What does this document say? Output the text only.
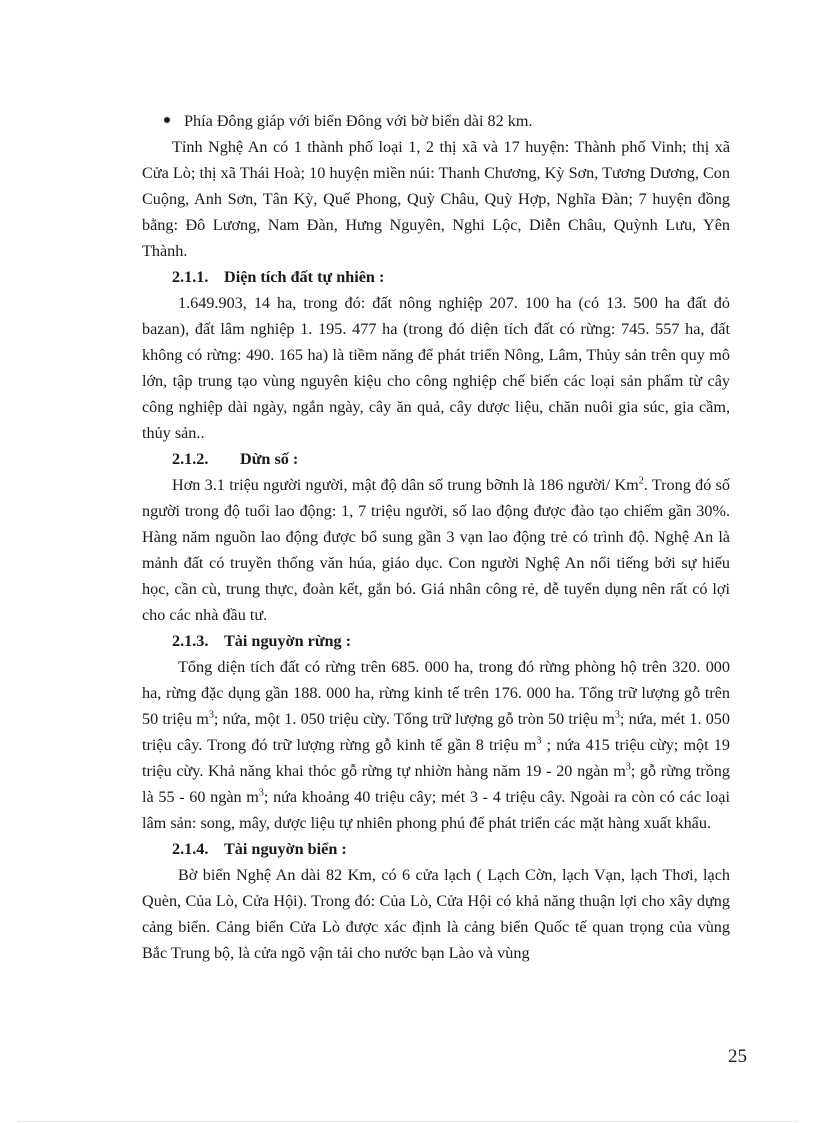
Phía Đông giáp với biển Đông với bờ biển dài 82 km.

Tỉnh Nghệ An có 1 thành phố loại 1, 2 thị xã và 17 huyện: Thành phố Vinh; thị xã Cửa Lò; thị xã Thái Hoà; 10 huyện miền núi: Thanh Chương, Kỳ Sơn, Tương Dương, Con Cuộng, Anh Sơn, Tân Kỳ, Quế Phong, Quỳ Châu, Quỳ Hợp, Nghĩa Đàn; 7 huyện đồng bằng: Đô Lương, Nam Đàn, Hưng Nguyên, Nghi Lộc, Diễn Châu, Quỳnh Lưu, Yên Thành.

2.1.1. Diện tích đất tự nhiên :

1.649.903, 14 ha, trong đó: đất nông nghiệp 207. 100 ha (có 13. 500 ha đất đỏ bazan), đất lâm nghiệp 1. 195. 477 ha (trong đó diện tích đất có rừng: 745. 557 ha, đất không có rừng: 490. 165 ha) là tiềm năng để phát triển Nông, Lâm, Thủy sản trên quy mô lớn, tập trung tạo vùng nguyên kiệu cho công nghiệp chế biến các loại sản phẩm từ cây công nghiệp dài ngày, ngắn ngày, cây ăn quả, cây dược liệu, chăn nuôi gia súc, gia cầm, thủy sản..

2.1.2. Dừn số :

Hơn 3.1 triệu người người, mật độ dân số trung bỡnh là 186 người/ Km$^2$. Trong đó số người trong độ tuổi lao động: 1, 7 triệu người, số lao động được đào tạo chiếm gần 30%. Hàng năm nguồn lao động được bổ sung gần 3 vạn lao động trẻ có trình độ. Nghệ An là mảnh đất có truyền thống văn húa, giáo dục. Con người Nghệ An nổi tiếng bởi sự hiếu học, cần cù, trung thực, đoàn kết, gắn bó. Giá nhân công rẻ, dễ tuyển dụng nên rất có lợi cho các nhà đầu tư.

2.1.3. Tài nguyờn rừng :

Tổng diện tích đất có rừng trên 685. 000 ha, trong đó rừng phòng hộ trên 320. 000 ha, rừng đặc dụng gần 188. 000 ha, rừng kinh tế trên 176. 000 ha. Tổng trữ lượng gỗ trên 50 triệu $m^3$; nứa, một 1. 050 triệu cừy. Tổng trữ lượng gỗ tròn 50 triệu $m^3$; nứa, mét 1. 050 triệu cây. Trong đó trữ lượng rừng gỗ kinh tế gần 8 triệu $m^3$ ; nứa 415 triệu cừy; một 19 triệu cừy. Khả năng khai thỏc gỗ rừng tự nhiờn hàng năm 19 - 20 ngàn $m^3$; gỗ rừng trồng là 55 - 60 ngàn $m^3$; nứa khoảng 40 triệu cây; mét 3 - 4 triệu cây. Ngoài ra còn có các loại lâm sản: song, mây, dược liệu tự nhiên phong phú để phát triển các mặt hàng xuất khẩu.

2.1.4. Tài nguyờn biển :

Bờ biển Nghệ An dài 82 Km, có 6 cửa lạch ( Lạch Cờn, lạch Vạn, lạch Thơi, lạch Quèn, Của Lò, Cửa Hội). Trong đó: Của Lò, Cửa Hội có khả năng thuận lợi cho xây dựng cảng biển. Cảng biển Cửa Lò được xác định là cảng biển Quốc tế quan trọng của vùng Bắc Trung bộ, là cửa ngõ vận tải cho nước bạn Lào và vùng

25
